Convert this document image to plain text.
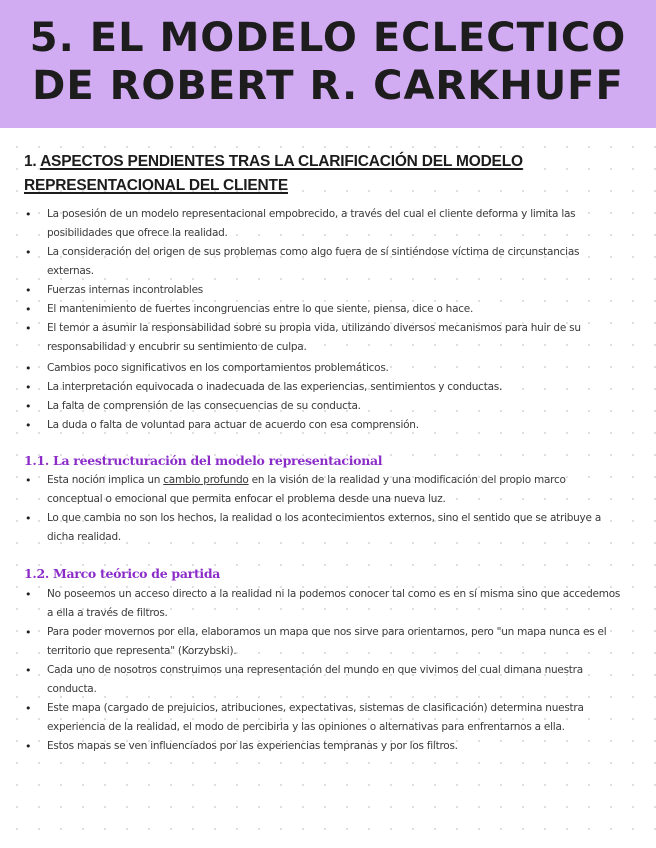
5. EL MODELO ECLECTICO
DE ROBERT R. CARKHUFF
1. ASPECTOS PENDIENTES TRAS LA CLARIFICACIÓN DEL MODELO REPRESENTACIONAL DEL CLIENTE
• La posesión de un modelo representacional empobrecido, a través del cual el cliente deforma y limita las posibilidades que ofrece la realidad.
• La consideración del origen de sus problemas como algo fuera de sí sintiéndose víctima de circunstancias externas.
• Fuerzas internas incontrolables
• El mantenimiento de fuertes incongruencias entre lo que siente, piensa, dice o hace.
• El temor a asumir la responsabilidad sobre su propia vida, utilizando diversos mecanismos para huir de su responsabilidad y encubrir su sentimiento de culpa.
• Cambios poco significativos en los comportamientos problemáticos.
• La interpretación equivocada o inadecuada de las experiencias, sentimientos y conductas.
• La falta de comprensión de las consecuencias de su conducta.
• La duda o falta de voluntad para actuar de acuerdo con esa comprensión.
1.1. La reestructuración del modelo representacional
• Esta noción implica un cambio profundo en la visión de la realidad y una modificación del propio marco conceptual o emocional que permita enfocar el problema desde una nueva luz.
• Lo que cambia no son los hechos, la realidad o los acontecimientos externos, sino el sentido que se atribuye a dicha realidad.
1.2. Marco teórico de partida
• No poseemos un acceso directo a la realidad ni la podemos conocer tal como es en sí misma sino que accedemos a ella a través de filtros.
• Para poder movernos por ella, elaboramos un mapa que nos sirve para orientarnos, pero "un mapa nunca es el territorio que representa" (Korzybski).
• Cada uno de nosotros construimos una representación del mundo en que vivimos del cual dimana nuestra conducta.
• Este mapa (cargado de prejuicios, atribuciones, expectativas, sistemas de clasificación) determina nuestra experiencia de la realidad, el modo de percibirla y las opiniones o alternativas para enfrentarnos a ella.
• Estos mapas se ven influenciados por las experiencias tempranas y por los filtros.
